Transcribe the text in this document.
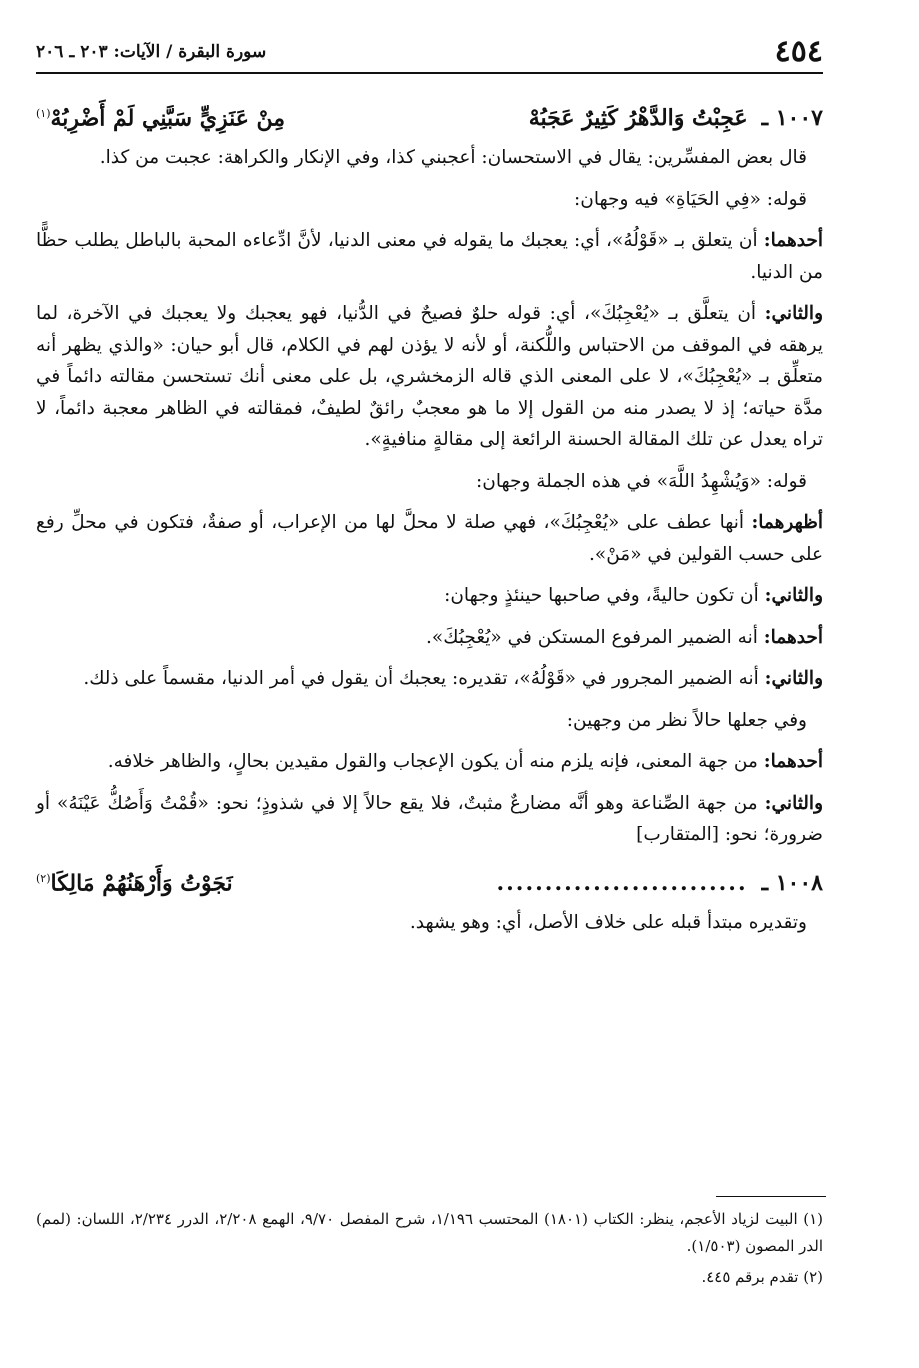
٤٥٤
سورة البقرة / الآيات: ٢٠٣ ـ ٢٠٦
١٠٠٧ ـ
عَجِبْتُ وَالدَّهْرُ كَثِيرٌ عَجَبُهْ
مِنْ عَنَزِيٍّ سَبَّنِي لَمْ أَضْرِبُهْ$^{(١)}$

قال بعض المفسِّرين: يقال في الاستحسان: أعجبني كذا، وفي الإنكار والكراهة: عجبت من كذا.

قوله: «فِي الحَيَاةِ» فيه وجهان:

أحدهما: أن يتعلق بـ «قَوْلُهُ»، أي: يعجبك ما يقوله في معنى الدنيا، لأنَّ ادِّعاءه المحبة بالباطل يطلب حظًّا من الدنيا.

والثاني: أن يتعلَّق بـ «يُعْجِبُكَ»، أي: قوله حلوٌ فصيحٌ في الدُّنيا، فهو يعجبك ولا يعجبك في الآخرة، لما يرهقه في الموقف من الاحتباس واللُّكنة، أو لأنه لا يؤذن لهم في الكلام، قال أبو حيان: «والذي يظهر أنه متعلِّق بـ «يُعْجِبُكَ»، لا على المعنى الذي قاله الزمخشري، بل على معنى أنك تستحسن مقالته دائماً في مدَّة حياته؛ إذ لا يصدر منه من القول إلا ما هو معجبٌ رائقٌ لطيفٌ، فمقالته في الظاهر معجبة دائماً، لا تراه يعدل عن تلك المقالة الحسنة الرائعة إلى مقالةٍ منافيةٍ».

قوله: «وَيُشْهِدُ اللَّهَ» في هذه الجملة وجهان:

أظهرهما: أنها عطف على «يُعْجِبُكَ»، فهي صلة لا محلَّ لها من الإعراب، أو صفةٌ، فتكون في محلِّ رفع على حسب القولين في «مَنْ».

والثاني: أن تكون حاليةً، وفي صاحبها حينئذٍ وجهان:

أحدهما: أنه الضمير المرفوع المستكن في «يُعْجِبُكَ».

والثاني: أنه الضمير المجرور في «قَوْلُهُ»، تقديره: يعجبك أن يقول في أمر الدنيا، مقسماً على ذلك.

وفي جعلها حالاً نظر من وجهين:

أحدهما: من جهة المعنى، فإنه يلزم منه أن يكون الإعجاب والقول مقيدين بحالٍ، والظاهر خلافه.

والثاني: من جهة الصِّناعة وهو أنَّه مضارعٌ مثبتٌ، فلا يقع حالاً إلا في شذوذٍ؛ نحو: «قُمْتُ وَأَصُكُّ عَيْنَهُ» أو ضرورة؛ نحو: [المتقارب]

١٠٠٨ ـ
..........................
نَجَوْتُ وَأَرْهَنُهُمْ مَالِكَا$^{(٢)}$

وتقديره مبتدأ قبله على خلاف الأصل، أي: وهو يشهد.

(١) البيت لزياد الأعجم، ينظر: الكتاب (١٨٠١) المحتسب ١/١٩٦، شرح المفصل ٩/٧٠، الهمع ٢/٢٠٨، الدرر ٢/٢٣٤، اللسان: (لمم) الدر المصون (١/٥٠٣).

(٢) تقدم برقم ٤٤٥.
